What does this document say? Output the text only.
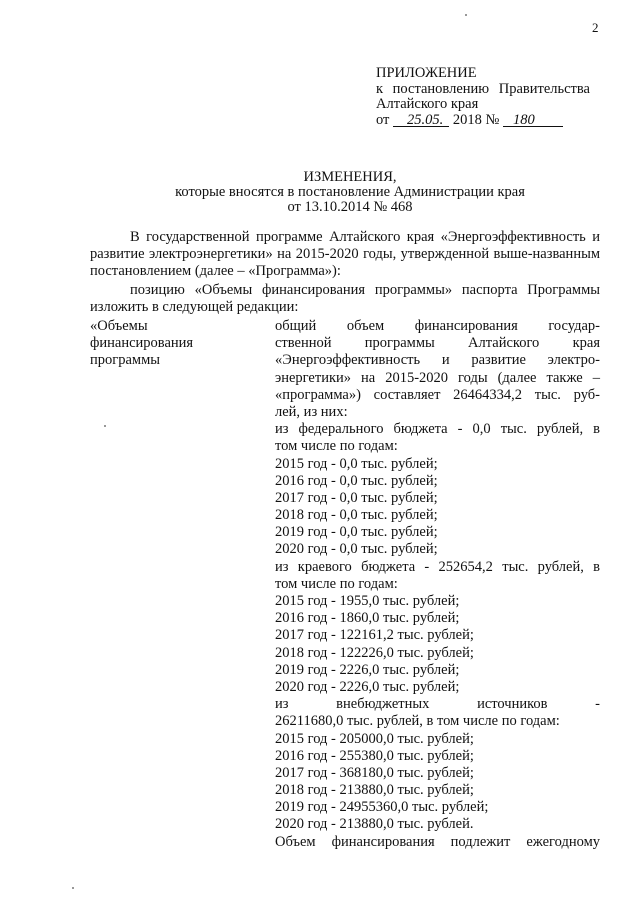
2
ПРИЛОЖЕНИЕ
к постановлению Правительства
Алтайского края
от 25.05. 2018 № 180
ИЗМЕНЕНИЯ,
которые вносятся в постановление Администрации края
от 13.10.2014 № 468
В государственной программе Алтайского края «Энергоэффективность и развитие электроэнергетики» на 2015-2020 годы, утвержденной выше-названным постановлением (далее – «Программа»):
позицию «Объемы финансирования программы» паспорта Программы изложить в следующей редакции:
«Объемы
финансирования
программы
общий объем финансирования государ-
ственной программы Алтайского края
«Энергоэффективность и развитие электро-
энергетики» на 2015-2020 годы (далее также –
«программа») составляет 26464334,2 тыс. руб-
лей, из них:
из федерального бюджета - 0,0 тыс. рублей, в
том числе по годам:
2015 год - 0,0 тыс. рублей;
2016 год - 0,0 тыс. рублей;
2017 год - 0,0 тыс. рублей;
2018 год - 0,0 тыс. рублей;
2019 год - 0,0 тыс. рублей;
2020 год - 0,0 тыс. рублей;
из краевого бюджета - 252654,2 тыс. рублей, в
том числе по годам:
2015 год - 1955,0 тыс. рублей;
2016 год - 1860,0 тыс. рублей;
2017 год - 122161,2 тыс. рублей;
2018 год - 122226,0 тыс. рублей;
2019 год - 2226,0 тыс. рублей;
2020 год - 2226,0 тыс. рублей;
из внебюджетных источников -
26211680,0 тыс. рублей, в том числе по годам:
2015 год - 205000,0 тыс. рублей;
2016 год - 255380,0 тыс. рублей;
2017 год - 368180,0 тыс. рублей;
2018 год - 213880,0 тыс. рублей;
2019 год - 24955360,0 тыс. рублей;
2020 год - 213880,0 тыс. рублей.
Объем финансирования подлежит ежегодному
